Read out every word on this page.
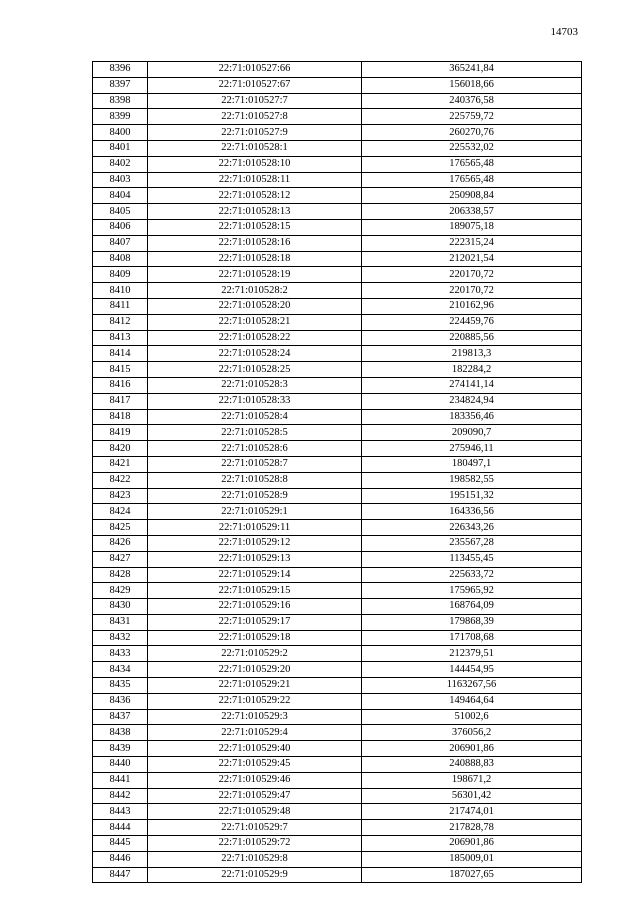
14703
8396	22:71:010527:66	365241,84
8397	22:71:010527:67	156018,66
8398	22:71:010527:7	240376,58
8399	22:71:010527:8	225759,72
8400	22:71:010527:9	260270,76
8401	22:71:010528:1	225532,02
8402	22:71:010528:10	176565,48
8403	22:71:010528:11	176565,48
8404	22:71:010528:12	250908,84
8405	22:71:010528:13	206338,57
8406	22:71:010528:15	189075,18
8407	22:71:010528:16	222315,24
8408	22:71:010528:18	212021,54
8409	22:71:010528:19	220170,72
8410	22:71:010528:2	220170,72
8411	22:71:010528:20	210162,96
8412	22:71:010528:21	224459,76
8413	22:71:010528:22	220885,56
8414	22:71:010528:24	219813,3
8415	22:71:010528:25	182284,2
8416	22:71:010528:3	274141,14
8417	22:71:010528:33	234824,94
8418	22:71:010528:4	183356,46
8419	22:71:010528:5	209090,7
8420	22:71:010528:6	275946,11
8421	22:71:010528:7	180497,1
8422	22:71:010528:8	198582,55
8423	22:71:010528:9	195151,32
8424	22:71:010529:1	164336,56
8425	22:71:010529:11	226343,26
8426	22:71:010529:12	235567,28
8427	22:71:010529:13	113455,45
8428	22:71:010529:14	225633,72
8429	22:71:010529:15	175965,92
8430	22:71:010529:16	168764,09
8431	22:71:010529:17	179868,39
8432	22:71:010529:18	171708,68
8433	22:71:010529:2	212379,51
8434	22:71:010529:20	144454,95
8435	22:71:010529:21	1163267,56
8436	22:71:010529:22	149464,64
8437	22:71:010529:3	51002,6
8438	22:71:010529:4	376056,2
8439	22:71:010529:40	206901,86
8440	22:71:010529:45	240888,83
8441	22:71:010529:46	198671,2
8442	22:71:010529:47	56301,42
8443	22:71:010529:48	217474,01
8444	22:71:010529:7	217828,78
8445	22:71:010529:72	206901,86
8446	22:71:010529:8	185009,01
8447	22:71:010529:9	187027,65
